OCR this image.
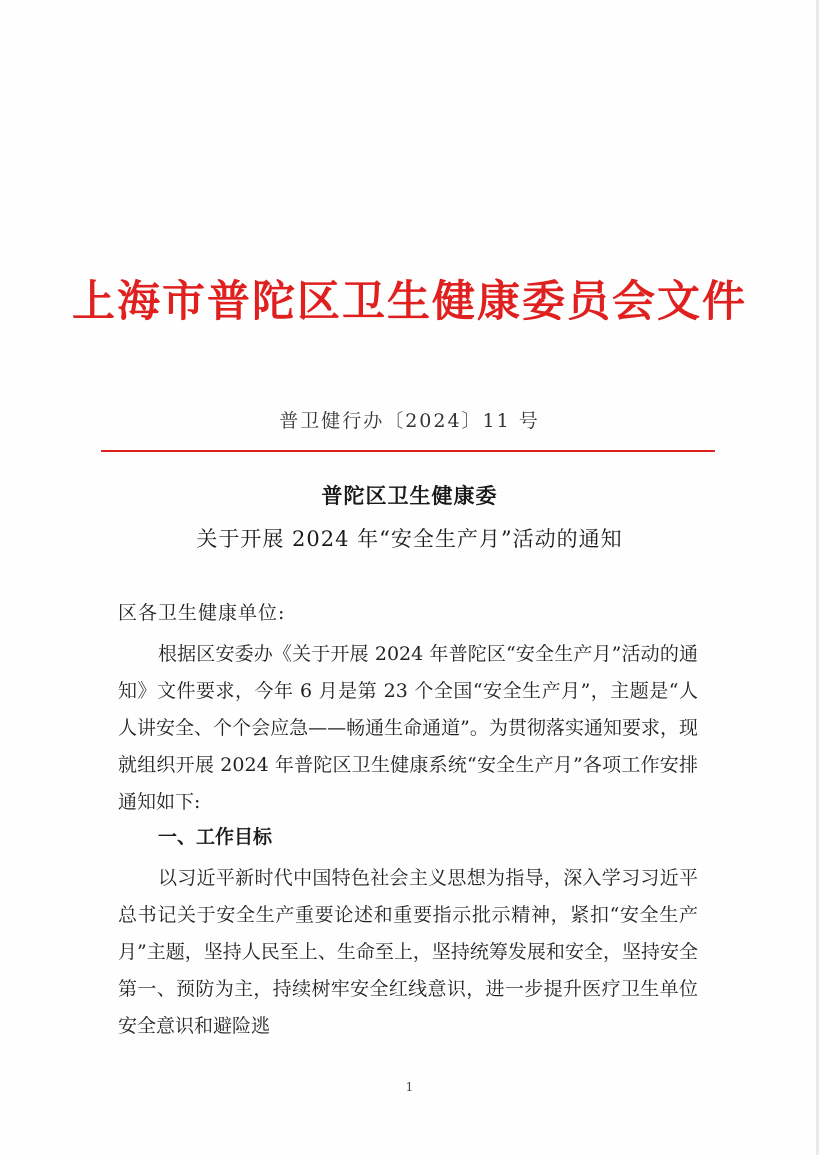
上海市普陀区卫生健康委员会文件
普卫健行办〔2024〕11 号
普陀区卫生健康委
关于开展 2024 年“安全生产月”活动的通知
区各卫生健康单位:

根据区安委办《关于开展 2024 年普陀区“安全生产月”活动的通知》文件要求，今年 6 月是第 23 个全国“安全生产月”，主题是“人人讲安全、个个会应急——畅通生命通道”。为贯彻落实通知要求，现就组织开展 2024 年普陀区卫生健康系统“安全生产月”各项工作安排通知如下:

一、工作目标

以习近平新时代中国特色社会主义思想为指导，深入学习习近平总书记关于安全生产重要论述和重要指示批示精神，紧扣“安全生产月”主题，坚持人民至上、生命至上，坚持统筹发展和安全，坚持安全第一、预防为主，持续树牢安全红线意识，进一步提升医疗卫生单位安全意识和避险逃

1
